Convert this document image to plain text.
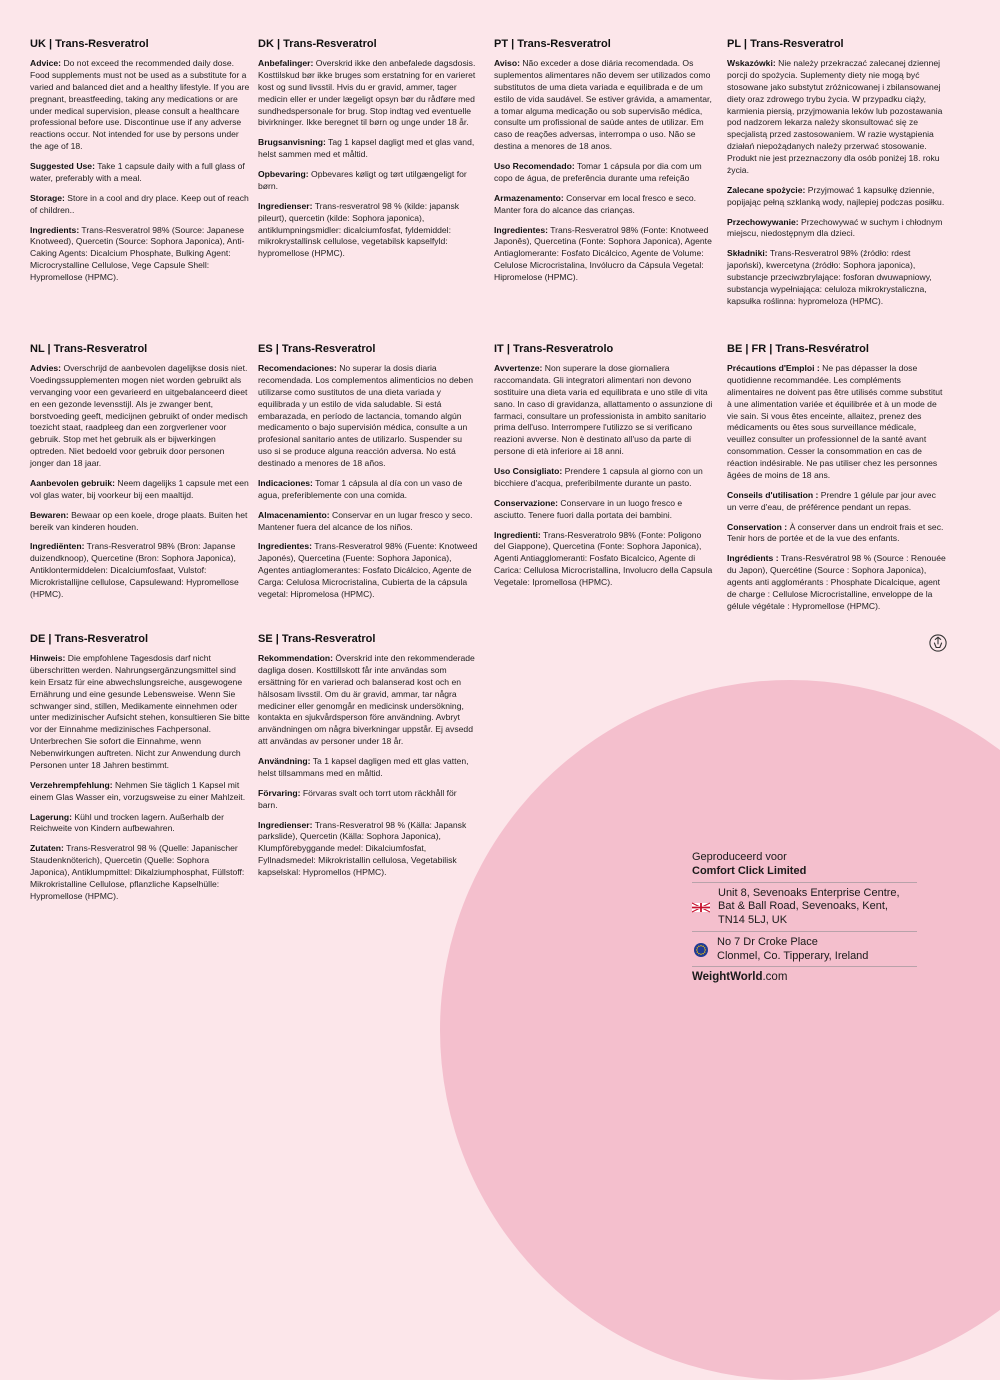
UK | Trans-Resveratrol

Advice: Do not exceed the recommended daily dose. Food supplements must not be used as a substitute for a varied and balanced diet and a healthy lifestyle. If you are pregnant, breastfeeding, taking any medications or are under medical supervision, please consult a healthcare professional before use. Discontinue use if any adverse reactions occur. Not intended for use by persons under the age of 18.

Suggested Use: Take 1 capsule daily with a full glass of water, preferably with a meal.

Storage: Store in a cool and dry place. Keep out of reach of children..

Ingredients: Trans-Resveratrol 98% (Source: Japanese Knotweed), Quercetin (Source: Sophora Japonica), Anti-Caking Agents: Dicalcium Phosphate, Bulking Agent: Microcrystalline Cellulose, Vege Capsule Shell: Hypromellose (HPMC).

DK | Trans-Resveratrol

Anbefalinger: Overskrid ikke den anbefalede dagsdosis. Kosttilskud bør ikke bruges som erstatning for en varieret kost og sund livsstil. Hvis du er gravid, ammer, tager medicin eller er under lægeligt opsyn bør du rådføre med sundhedspersonale for brug. Stop indtag ved eventuelle bivirkninger. Ikke beregnet til børn og unge under 18 år.

Brugsanvisning: Tag 1 kapsel dagligt med et glas vand, helst sammen med et måltid.

Opbevaring: Opbevares køligt og tørt utilgængeligt for børn.

Ingredienser: Trans-resveratrol 98 % (kilde: japansk pileurt), quercetin (kilde: Sophora japonica), antiklumpningsmidler: dicalciumfosfat, fyldemiddel: mikrokrystallinsk cellulose, vegetabilsk kapselfyld: hypromellose (HPMC).

PT | Trans-Resveratrol

Aviso: Não exceder a dose diária recomendada. Os suplementos alimentares não devem ser utilizados como substitutos de uma dieta variada e equilibrada e de um estilo de vida saudável. Se estiver grávida, a amamentar, a tomar alguma medicação ou sob supervisão médica, consulte um profissional de saúde antes de utilizar. Em caso de reações adversas, interrompa o uso. Não se destina a menores de 18 anos.

Uso Recomendado: Tomar 1 cápsula por dia com um copo de água, de preferência durante uma refeição

Armazenamento: Conservar em local fresco e seco. Manter fora do alcance das crianças.

Ingredientes: Trans-Resveratrol 98% (Fonte: Knotweed Japonês), Quercetina (Fonte: Sophora Japonica), Agente Antiaglomerante: Fosfato Dicálcico, Agente de Volume: Celulose Microcristalina, Invólucro da Cápsula Vegetal: Hipromelose (HPMC).

PL | Trans-Resveratrol

Wskazówki: Nie należy przekraczać zalecanej dziennej porcji do spożycia. Suplementy diety nie mogą być stosowane jako substytut zróżnicowanej i zbilansowanej diety oraz zdrowego trybu życia. W przypadku ciąży, karmienia piersią, przyjmowania leków lub pozostawania pod nadzorem lekarza należy skonsultować się ze specjalistą przed zastosowaniem. W razie wystąpienia działań niepożądanych należy przerwać stosowanie. Produkt nie jest przeznaczony dla osób poniżej 18. roku życia.

Zalecane spożycie: Przyjmować 1 kapsułkę dziennie, popijając pełną szklanką wody, najlepiej podczas posiłku.

Przechowywanie: Przechowywać w suchym i chłodnym miejscu, niedostępnym dla dzieci.

Składniki: Trans-Resveratrol 98% (źródło: rdest japoński), kwercetyna (źródło: Sophora japonica), substancje przeciwzbrylające: fosforan dwuwapniowy, substancja wypełniająca: celuloza mikrokrystaliczna, kapsułka roślinna: hypromeloza (HPMC).

NL | Trans-Resveratrol

Advies: Overschrijd de aanbevolen dagelijkse dosis niet. Voedingssupplementen mogen niet worden gebruikt als vervanging voor een gevarieerd en uitgebalanceerd dieet en een gezonde levensstijl. Als je zwanger bent, borstvoeding geeft, medicijnen gebruikt of onder medisch toezicht staat, raadpleeg dan een zorgverlener voor gebruik. Stop met het gebruik als er bijwerkingen optreden. Niet bedoeld voor gebruik door personen jonger dan 18 jaar.

Aanbevolen gebruik: Neem dagelijks 1 capsule met een vol glas water, bij voorkeur bij een maaltijd.

Bewaren: Bewaar op een koele, droge plaats. Buiten het bereik van kinderen houden.

Ingrediënten: Trans-Resveratrol 98% (Bron: Japanse duizendknoop), Quercetine (Bron: Sophora Japonica), Antiklontermiddelen: Dicalciumfosfaat, Vulstof: Microkristallijne cellulose, Capsulewand: Hypromellose (HPMC).

ES | Trans-Resveratrol

Recomendaciones: No superar la dosis diaria recomendada. Los complementos alimenticios no deben utilizarse como sustitutos de una dieta variada y equilibrada y un estilo de vida saludable. Si está embarazada, en período de lactancia, tomando algún medicamento o bajo supervisión médica, consulte a un profesional sanitario antes de utilizarlo. Suspender su uso si se produce alguna reacción adversa. No está destinado a menores de 18 años.

Indicaciones: Tomar 1 cápsula al día con un vaso de agua, preferiblemente con una comida.

Almacenamiento: Conservar en un lugar fresco y seco. Mantener fuera del alcance de los niños.

Ingredientes: Trans-Resveratrol 98% (Fuente: Knotweed Japonés), Quercetina (Fuente: Sophora Japonica), Agentes antiaglomerantes: Fosfato Dicálcico, Agente de Carga: Celulosa Microcristalina, Cubierta de la cápsula vegetal: Hipromelosa (HPMC).

IT | Trans-Resveratrolo

Avvertenze: Non superare la dose giornaliera raccomandata. Gli integratori alimentari non devono sostituire una dieta varia ed equilibrata e uno stile di vita sano. In caso di gravidanza, allattamento o assunzione di farmaci, consultare un professionista in ambito sanitario prima dell'uso. Interrompere l'utilizzo se si verificano reazioni avverse. Non è destinato all'uso da parte di persone di età inferiore ai 18 anni.

Uso Consigliato: Prendere 1 capsula al giorno con un bicchiere d'acqua, preferibilmente durante un pasto.

Conservazione: Conservare in un luogo fresco e asciutto. Tenere fuori dalla portata dei bambini.

Ingredienti: Trans-Resveratrolo 98% (Fonte: Poligono del Giappone), Quercetina (Fonte: Sophora Japonica), Agenti Antiagglomeranti: Fosfato Bicalcico, Agente di Carica: Cellulosa Microcristallina, Involucro della Capsula Vegetale: Ipromellosa (HPMC).

BE | FR | Trans-Resvératrol

Précautions d'Emploi : Ne pas dépasser la dose quotidienne recommandée. Les compléments alimentaires ne doivent pas être utilisés comme substitut à une alimentation variée et équilibrée et à un mode de vie sain. Si vous êtes enceinte, allaitez, prenez des médicaments ou êtes sous surveillance médicale, veuillez consulter un professionnel de la santé avant consommation. Cesser la consommation en cas de réaction indésirable. Ne pas utiliser chez les personnes âgées de moins de 18 ans.

Conseils d'utilisation : Prendre 1 gélule par jour avec un verre d'eau, de préférence pendant un repas.

Conservation : À conserver dans un endroit frais et sec. Tenir hors de portée et de la vue des enfants.

Ingrédients : Trans-Resvératrol 98 % (Source : Renouée du Japon), Quercétine (Source : Sophora Japonica), agents anti agglomérants : Phosphate Dicalcique, agent de charge : Cellulose Microcristalline, enveloppe de la gélule végétale : Hypromellose (HPMC).

DE | Trans-Resveratrol

Hinweis: Die empfohlene Tagesdosis darf nicht überschritten werden. Nahrungsergänzungsmittel sind kein Ersatz für eine abwechslungsreiche, ausgewogene Ernährung und eine gesunde Lebensweise. Wenn Sie schwanger sind, stillen, Medikamente einnehmen oder unter medizinischer Aufsicht stehen, konsultieren Sie bitte vor der Einnahme medizinisches Fachpersonal. Unterbrechen Sie sofort die Einnahme, wenn Nebenwirkungen auftreten. Nicht zur Anwendung durch Personen unter 18 Jahren bestimmt.

Verzehrempfehlung: Nehmen Sie täglich 1 Kapsel mit einem Glas Wasser ein, vorzugsweise zu einer Mahlzeit.

Lagerung: Kühl und trocken lagern. Außerhalb der Reichweite von Kindern aufbewahren.

Zutaten: Trans-Resveratrol 98 % (Quelle: Japanischer Staudenknöterich), Quercetin (Quelle: Sophora Japonica), Antiklumpmittel: Dikalziumphosphat, Füllstoff: Mikrokristalline Cellulose, pflanzliche Kapselhülle: Hypromellose (HPMC).

SE | Trans-Resveratrol

Rekommendation: Överskrid inte den rekommenderade dagliga dosen. Kosttillskott får inte användas som ersättning för en varierad och balanserad kost och en hälsosam livsstil. Om du är gravid, ammar, tar några mediciner eller genomgår en medicinsk undersökning, kontakta en sjukvårdsperson före användning. Avbryt användningen om några biverkningar uppstår. Ej avsedd att användas av personer under 18 år.

Användning: Ta 1 kapsel dagligen med ett glas vatten, helst tillsammans med en måltid.

Förvaring: Förvaras svalt och torrt utom räckhåll för barn.

Ingredienser: Trans-Resveratrol 98 % (Källa: Japansk parkslide), Quercetin (Källa: Sophora Japonica), Klumpförebyggande medel: Dikalciumfosfat, Fyllnadsmedel: Mikrokristallin cellulosa, Vegetabilisk kapselskal: Hypromellos (HPMC).

Geproduceerd voor

Comfort Click Limited

Unit 8, Sevenoaks Enterprise Centre,
Bat & Ball Road, Sevenoaks, Kent,
TN14 5LJ, UK
No 7 Dr Croke Place
Clonmel, Co. Tipperary, Ireland
WeightWorld.com
